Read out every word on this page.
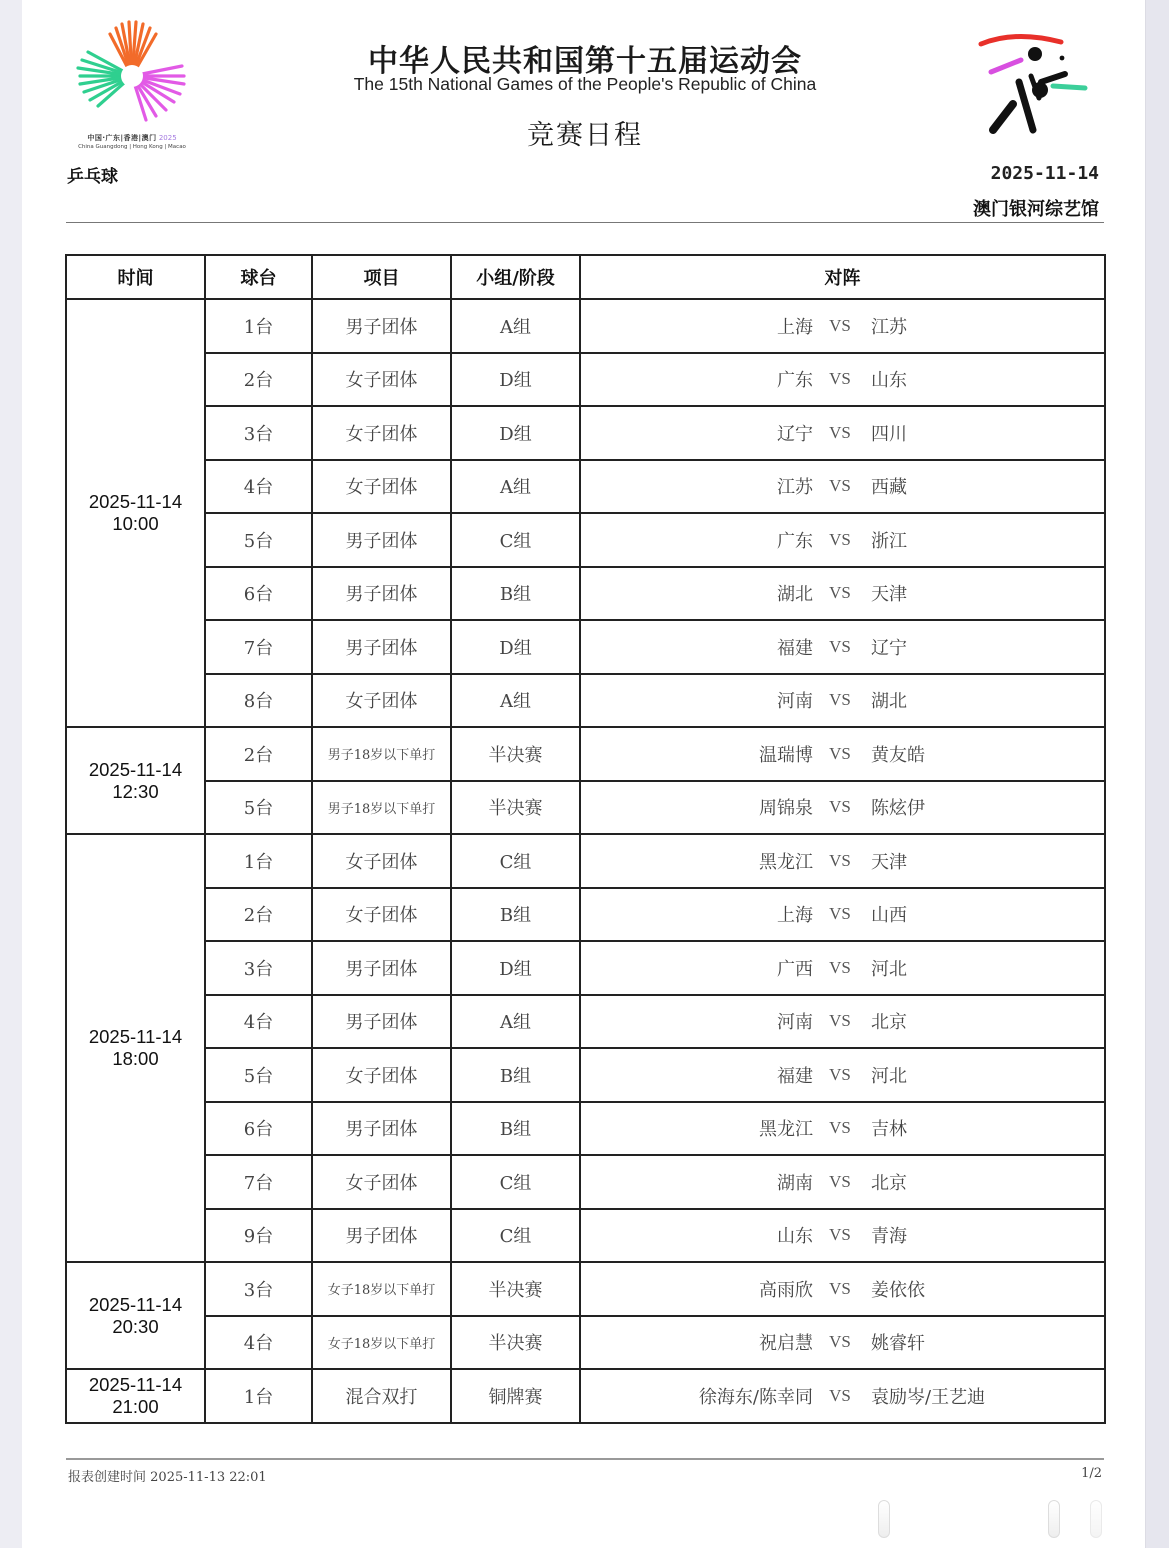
中国·广东|香港|澳门 2025
China Guangdong | Hong Kong | Macao
中华人民共和国第十五届运动会
The 15th National Games of the People's Republic of China
竞赛日程
乒乓球	2025-11-14
澳门银河综艺馆
时间	球台	项目	小组/阶段	对阵

2025-11-14
10:00
	1台	男子团体	A组	上海 VS	江苏

	2台	女子团体	D组	广东 VS 山东

	3台	女子团体	D组	辽宁 VS 四川

	4台	女子团体	A组	江苏 VS 西藏

	5台	男子团体	C组	广东 VS 浙江

	6台	男子团体	B组	湖北 VS 天津

	7台	男子团体	D组	福建 VS 辽宁

	8台	女子团体	A组	河南 VS 湖北

2025-11-14
12:30
	2台	男子18岁以下单打	半决赛	温瑞博 VS	黄友皓

	5台	男子18岁以下单打	半决赛	周锦泉 VS 陈炫伊

2025-11-14
18:00
	1台	女子团体	C组	黑龙江 VS	天津

	2台	女子团体	B组	上海 VS 山西

	3台	男子团体	D组	广西 VS 河北

	4台	男子团体	A组	河南 VS 北京

	5台	女子团体	B组	福建 VS 河北

	6台	男子团体	B组	黑龙江 VS 吉林

	7台	女子团体	C组	湖南 VS 北京

	9台	男子团体	C组	山东 VS 青海

2025-11-14
20:30
	3台	女子18岁以下单打	半决赛	高雨欣 VS	姜依依

	4台	女子18岁以下单打	半决赛	祝启慧 VS 姚睿轩

2025-11-14
21:00	1台	混合双打	铜牌赛	徐海东/陈幸同 VS	袁励岑/王艺迪
报表创建时间 2025-11-13 22:01	1/2
